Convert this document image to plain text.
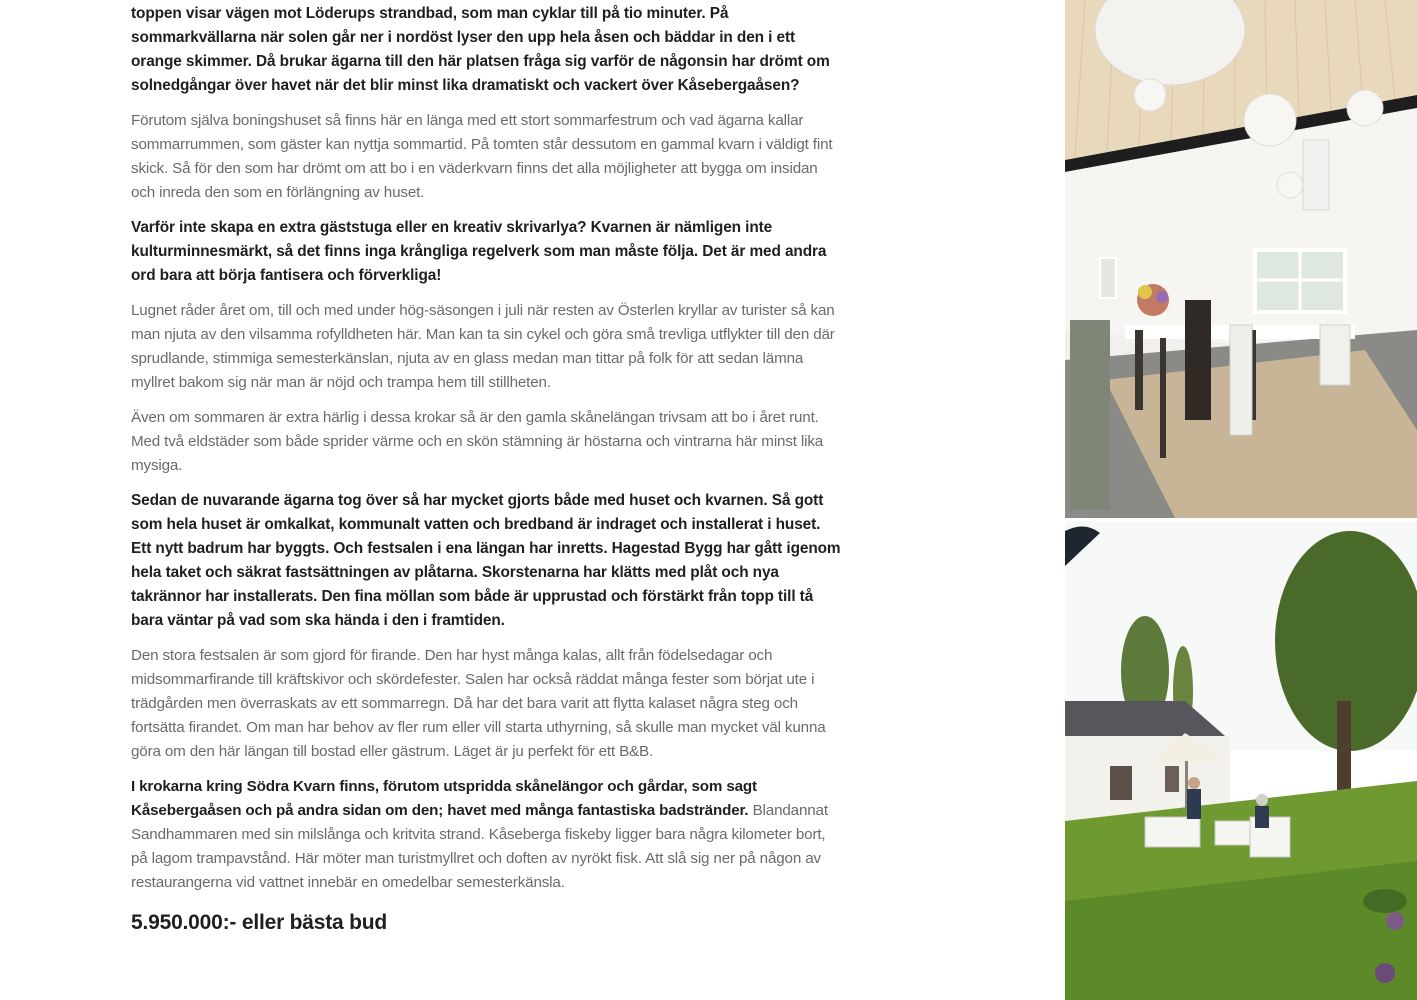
toppen visar vägen mot Löderups strandbad, som man cyklar till på tio minuter. På sommarkvällarna när solen går ner i nordöst lyser den upp hela åsen och bäddar in den i ett orange skimmer. Då brukar ägarna till den här platsen fråga sig varför de någonsin har drömt om solnedgångar över havet när det blir minst lika dramatiskt och vackert över Kåsebergaåsen?

Förutom själva boningshuset så finns här en länga med ett stort sommarfestrum och vad ägarna kallar sommarrummen, som gäster kan nyttja sommartid. På tomten står dessutom en gammal kvarn i väldigt fint skick. Så för den som har drömt om att bo i en väderkvarn finns det alla möjligheter att bygga om insidan och inreda den som en förlängning av huset.

Varför inte skapa en extra gäststuga eller en kreativ skrivarlya? Kvarnen är nämligen inte kulturminnesmärkt, så det finns inga krångliga regelverk som man måste följa. Det är med andra ord bara att börja fantisera och förverkliga!

Lugnet råder året om, till och med under hög-säsongen i juli när resten av Österlen kryllar av turister så kan man njuta av den vilsamma rofylldheten här. Man kan ta sin cykel och göra små trevliga utflykter till den där sprudlande, stimmiga semesterkänslan, njuta av en glass medan man tittar på folk för att sedan lämna myllret bakom sig när man är nöjd och trampa hem till stillheten.

Även om sommaren är extra härlig i dessa krokar så är den gamla skånelängan trivsam att bo i året runt. Med två eldstäder som både sprider värme och en skön stämning är höstarna och vintrarna här minst lika mysiga.

Sedan de nuvarande ägarna tog över så har mycket gjorts både med huset och kvarnen. Så gott som hela huset är omkalkat, kommunalt vatten och bredband är indraget och installerat i huset. Ett nytt badrum har byggts. Och festsalen i ena längan har inretts. Hagestad Bygg har gått igenom hela taket och säkrat fastsättningen av plåtarna. Skorstenarna har klätts med plåt och nya takrännor har installerats. Den fina möllan som både är upprustad och förstärkt från topp till tå bara väntar på vad som ska hända i den i framtiden.

Den stora festsalen är som gjord för firande. Den har hyst många kalas, allt från födelsedagar och midsommarfirande till kräftskivor och skördefester. Salen har också räddat många fester som börjat ute i trädgården men överraskats av ett sommarregn. Då har det bara varit att flytta kalaset några steg och fortsätta firandet. Om man har behov av fler rum eller vill starta uthyrning, så skulle man mycket väl kunna göra om den här längan till bostad eller gästrum. Läget är ju perfekt för ett B&B.

I krokarna kring Södra Kvarn finns, förutom utspridda skånelängor och gårdar, som sagt Kåsebergaåsen och på andra sidan om den; havet med många fantastiska badstränder. Blandannat Sandhammaren med sin milslånga och kritvita strand. Kåseberga fiskeby ligger bara några kilometer bort, på lagom trampavstånd. Här möter man turistmyllret och doften av nyrökt fisk. Att slå sig ner på någon av restaurangerna vid vattnet innebär en omedelbar semesterkänsla.

5.950.000:- eller bästa bud
